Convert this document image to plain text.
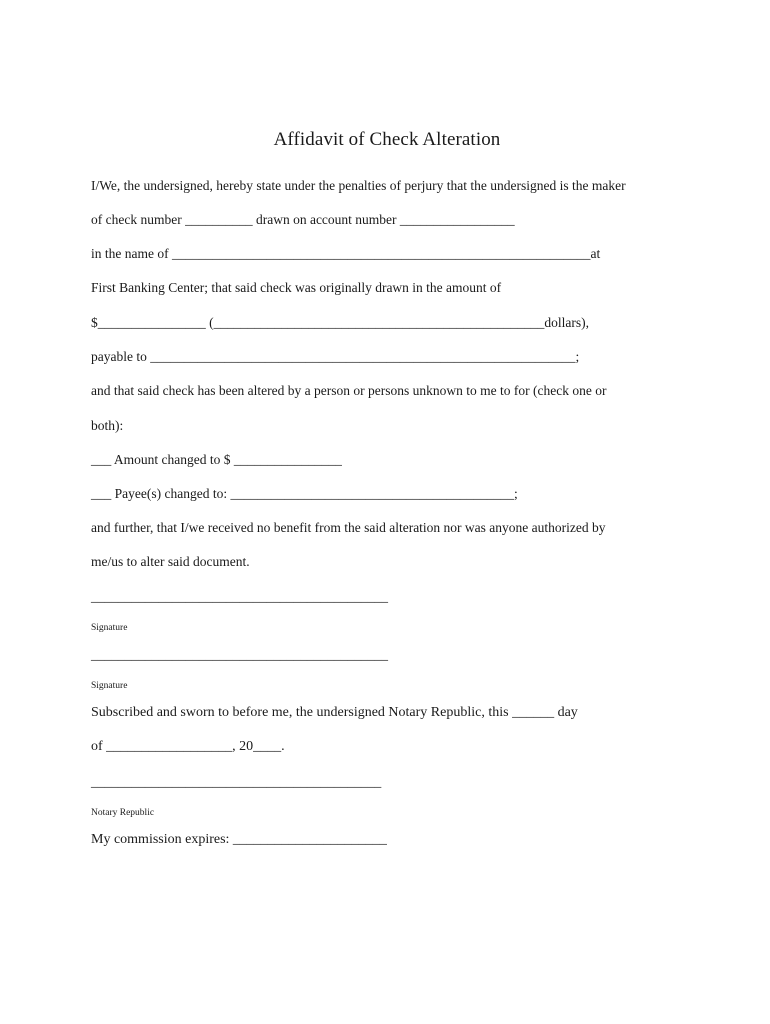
Affidavit of Check Alteration
I/We, the undersigned, hereby state under the penalties of perjury that the undersigned is the maker
of check number __________ drawn on account number _________________
in the name of ______________________________________________________________at
First Banking Center; that said check was originally drawn in the amount of
$________________ (_________________________________________________dollars),
payable to _______________________________________________________________;
and that said check has been altered by a person or persons unknown to me to for (check one or
both):
___ Amount changed to $ ________________
___ Payee(s) changed to: __________________________________________;
and further, that I/we received no benefit from the said alteration nor was anyone authorized by
me/us to alter said document.
____________________________________________
Signature
____________________________________________
Signature
Subscribed and sworn to before me, the undersigned Notary Republic, this ______ day
of __________________, 20____.
___________________________________________
Notary Republic
My commission expires: ______________________
